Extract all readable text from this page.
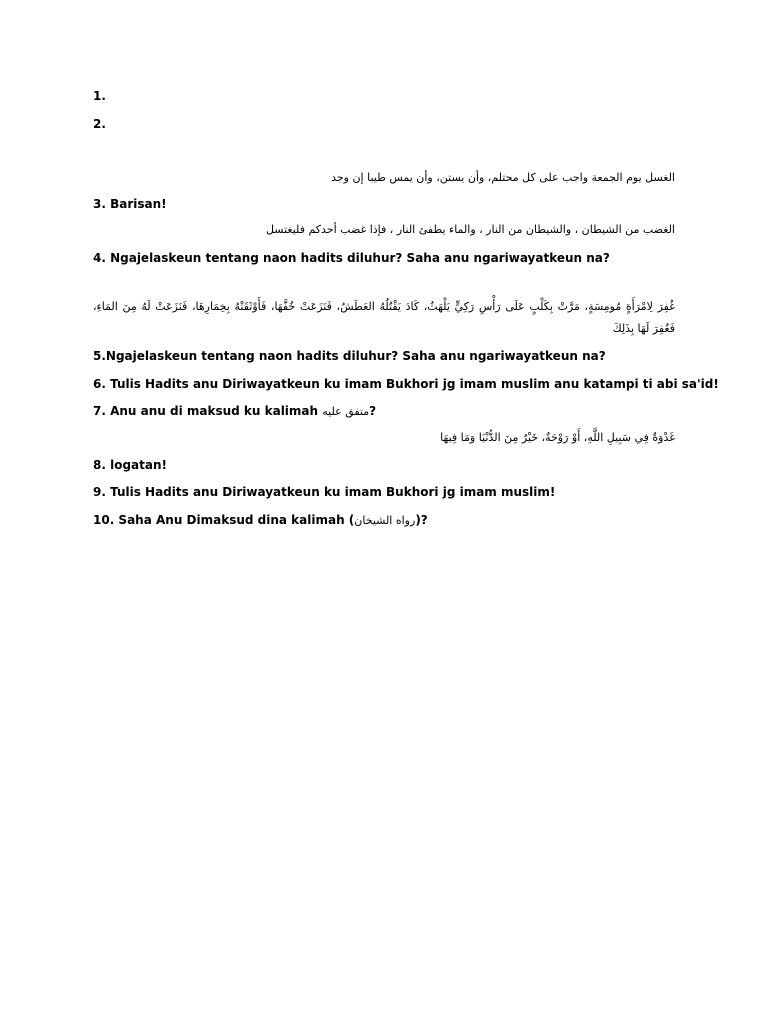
1.
2.
الغسل يوم الجمعة واجب على كل محتلم، وأن يستن، وأن يمس طيبا إن وجد
3. Barisan!
الغضب من الشيطان ، والشيطان من النار ، والماء يطفئ النار ، فإذا غضب أحدكم فليغتسل
4. Ngajelaskeun tentang naon hadits diluhur? Saha anu ngariwayatkeun na?
غُفِرَ لِامْرَأَةٍ مُومِسَةٍ، مَرَّتْ بِكَلْبٍ عَلَى رَأْسِ رَكِيٍّ يَلْهَثُ، كَادَ يَقْتُلُهُ العَطَشُ، فَنَزَعَتْ خُفَّهَا، فَأَوْثَقَتْهُ بِخِمَارِهَا، فَنَزَعَتْ لَهُ مِنَ المَاءِ، فَغُفِرَ لَهَا بِذَلِكَ
5.Ngajelaskeun tentang naon hadits diluhur? Saha anu ngariwayatkeun na?
6. Tulis Hadits anu Diriwayatkeun ku imam Bukhori jg imam muslim anu katampi ti abi sa'id!
7. Anu anu di maksud ku kalimah متفق عليه?
غَدْوَةٌ فِي سَبِيلِ اللَّهِ، أَوْ رَوْحَةٌ، خَيْرٌ مِنَ الدُّنْيَا وَمَا فِيهَا
8. logatan!
9. Tulis Hadits anu Diriwayatkeun ku imam Bukhori jg imam muslim!
10. Saha Anu Dimaksud dina kalimah (رواه الشيخان)?
